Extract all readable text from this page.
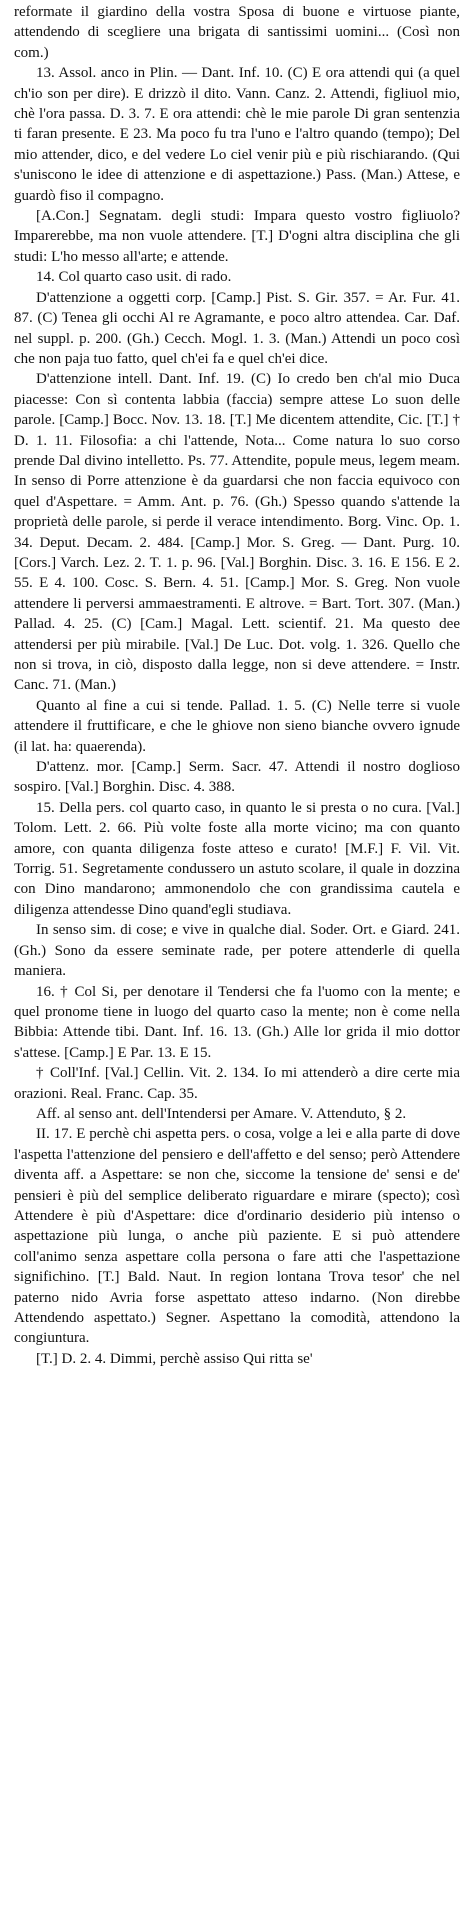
reformate il giardino della vostra Sposa di buone e virtuose piante, attendendo di scegliere una brigata di santissimi uomini... (Così non com.)

13. Assol. anco in Plin. — Dant. Inf. 10. (C) E ora attendi qui (a quel ch'io son per dire). E drizzò il dito. Vann. Canz. 2. Attendi, figliuol mio, chè l'ora passa. D. 3. 7. E ora attendi: chè le mie parole Di gran sentenzia ti faran presente. E 23. Ma poco fu tra l'uno e l'altro quando (tempo); Del mio attender, dico, e del vedere Lo ciel venir più e più rischiarando. (Qui s'uniscono le idee di attenzione e di aspettazione.) Pass. (Man.) Attese, e guardò fiso il compagno.

[A.Con.] Segnatam. degli studi: Impara questo vostro figliuolo? Imparerebbe, ma non vuole attendere. [T.] D'ogni altra disciplina che gli studi: L'ho messo all'arte; e attende.

14. Col quarto caso usit. di rado.

D'attenzione a oggetti corp. [Camp.] Pist. S. Gir. 357. = Ar. Fur. 41. 87. (C) Tenea gli occhi Al re Agramante, e poco altro attendea. Car. Daf. nel suppl. p. 200. (Gh.) Cecch. Mogl. 1. 3. (Man.) Attendi un poco così che non paja tuo fatto, quel ch'ei fa e quel ch'ei dice.

D'attenzione intell. Dant. Inf. 19. (C) Io credo ben ch'al mio Duca piacesse: Con sì contenta labbia (faccia) sempre attese Lo suon delle parole. [Camp.] Bocc. Nov. 13. 18. [T.] Me dicentem attendite, Cic. [T.] † D. 1. 11. Filosofia: a chi l'attende, Nota... Come natura lo suo corso prende Dal divino intelletto. Ps. 77. Attendite, popule meus, legem meam. In senso di Porre attenzione è da guardarsi che non faccia equivoco con quel d'Aspettare. = Amm. Ant. p. 76. (Gh.) Spesso quando s'attende la proprietà delle parole, si perde il verace intendimento. Borg. Vinc. Op. 1. 34. Deput. Decam. 2. 484. [Camp.] Mor. S. Greg. — Dant. Purg. 10. [Cors.] Varch. Lez. 2. T. 1. p. 96. [Val.] Borghin. Disc. 3. 16. E 156. E 2. 55. E 4. 100. Cosc. S. Bern. 4. 51. [Camp.] Mor. S. Greg. Non vuole attendere li perversi ammaestramenti. E altrove. = Bart. Tort. 307. (Man.) Pallad. 4. 25. (C) [Cam.] Magal. Lett. scientif. 21. Ma questo dee attendersi per più mirabile. [Val.] De Luc. Dot. volg. 1. 326. Quello che non si trova, in ciò, disposto dalla legge, non si deve attendere. = Instr. Canc. 71. (Man.)

Quanto al fine a cui si tende. Pallad. 1. 5. (C) Nelle terre si vuole attendere il fruttificare, e che le ghiove non sieno bianche ovvero ignude (il lat. ha: quaerenda).

D'attenz. mor. [Camp.] Serm. Sacr. 47. Attendi il nostro doglioso sospiro. [Val.] Borghin. Disc. 4. 388.

15. Della pers. col quarto caso, in quanto le si presta o no cura. [Val.] Tolom. Lett. 2. 66. Più volte foste alla morte vicino; ma con quanto amore, con quanta diligenza foste atteso e curato! [M.F.] F. Vil. Vit. Torrig. 51. Segretamente condussero un astuto scolare, il quale in dozzina con Dino mandarono; ammonendolo che con grandissima cautela e diligenza attendesse Dino quand'egli studiava.

In senso sim. di cose; e vive in qualche dial. Soder. Ort. e Giard. 241. (Gh.) Sono da essere seminate rade, per potere attenderle di quella maniera.

16. † Col Si, per denotare il Tendersi che fa l'uomo con la mente; e quel pronome tiene in luogo del quarto caso la mente; non è come nella Bibbia: Attende tibi. Dant. Inf. 16. 13. (Gh.) Alle lor grida il mio dottor s'attese. [Camp.] E Par. 13. E 15.

† Coll'Inf. [Val.] Cellin. Vit. 2. 134. Io mi attenderò a dire certe mia orazioni. Real. Franc. Cap. 35.

Aff. al senso ant. dell'Intendersi per Amare. V. Attenduto, § 2.

II. 17. E perchè chi aspetta pers. o cosa, volge a lei e alla parte di dove l'aspetta l'attenzione del pensiero e dell'affetto e del senso; però Attendere diventa aff. a Aspettare: se non che, siccome la tensione de' sensi e de' pensieri è più del semplice deliberato riguardare e mirare (specto); così Attendere è più d'Aspettare: dice d'ordinario desiderio più intenso o aspettazione più lunga, o anche più paziente. E si può attendere coll'animo senza aspettare colla persona o fare atti che l'aspettazione significhino. [T.] Bald. Naut. In region lontana Trova tesor' che nel paterno nido Avria forse aspettato atteso indarno. (Non direbbe Attendendo aspettato.) Segner. Aspettano la comodità, attendono la congiuntura.

[T.] D. 2. 4. Dimmi, perchè assiso Qui ritta se'
